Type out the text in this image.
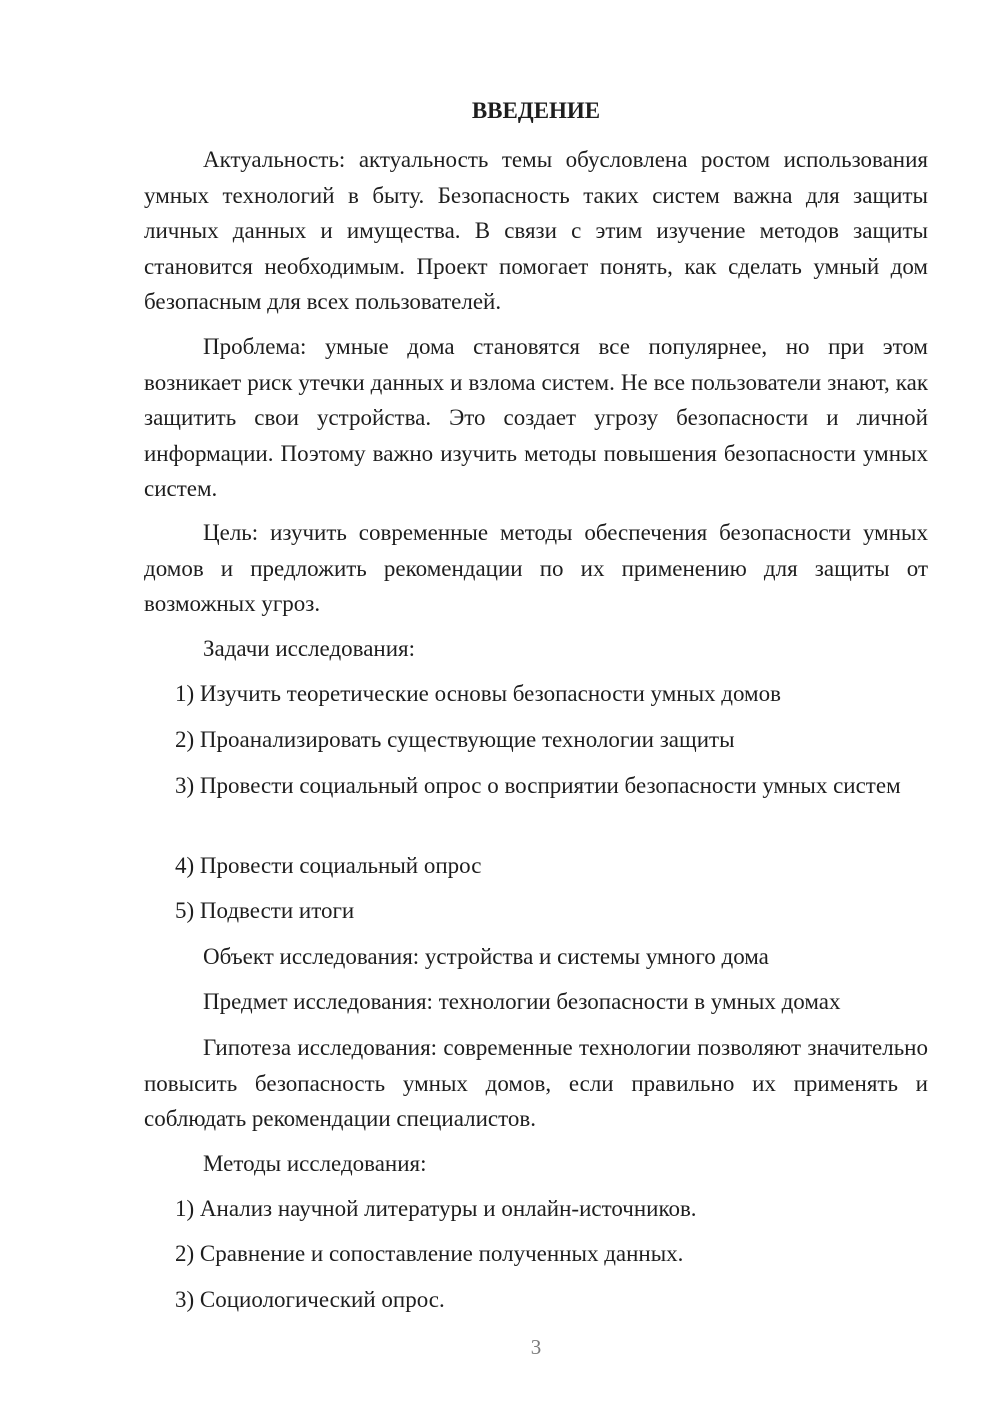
ВВЕДЕНИЕ

Актуальность: актуальность темы обусловлена ростом использования умных технологий в быту. Безопасность таких систем важна для защиты личных данных и имущества. В связи с этим изучение методов защиты становится необходимым. Проект помогает понять, как сделать умный дом безопасным для всех пользователей.

Проблема: умные дома становятся все популярнее, но при этом возникает риск утечки данных и взлома систем. Не все пользователи знают, как защитить свои устройства. Это создает угрозу безопасности и личной информации. Поэтому важно изучить методы повышения безопасности умных систем.

Цель: изучить современные методы обеспечения безопасности умных домов и предложить рекомендации по их применению для защиты от возможных угроз.

Задачи исследования:

1) Изучить теоретические основы безопасности умных домов

2) Проанализировать существующие технологии защиты

3) Провести социальный опрос о восприятии безопасности умных систем

4) Провести социальный опрос

5) Подвести итоги

Объект исследования: устройства и системы умного дома

Предмет исследования: технологии безопасности в умных домах

Гипотеза исследования: современные технологии позволяют значительно повысить безопасность умных домов, если правильно их применять и соблюдать рекомендации специалистов.

Методы исследования:

1) Анализ научной литературы и онлайн-источников.

2) Сравнение и сопоставление полученных данных.

3) Социологический опрос.

3
